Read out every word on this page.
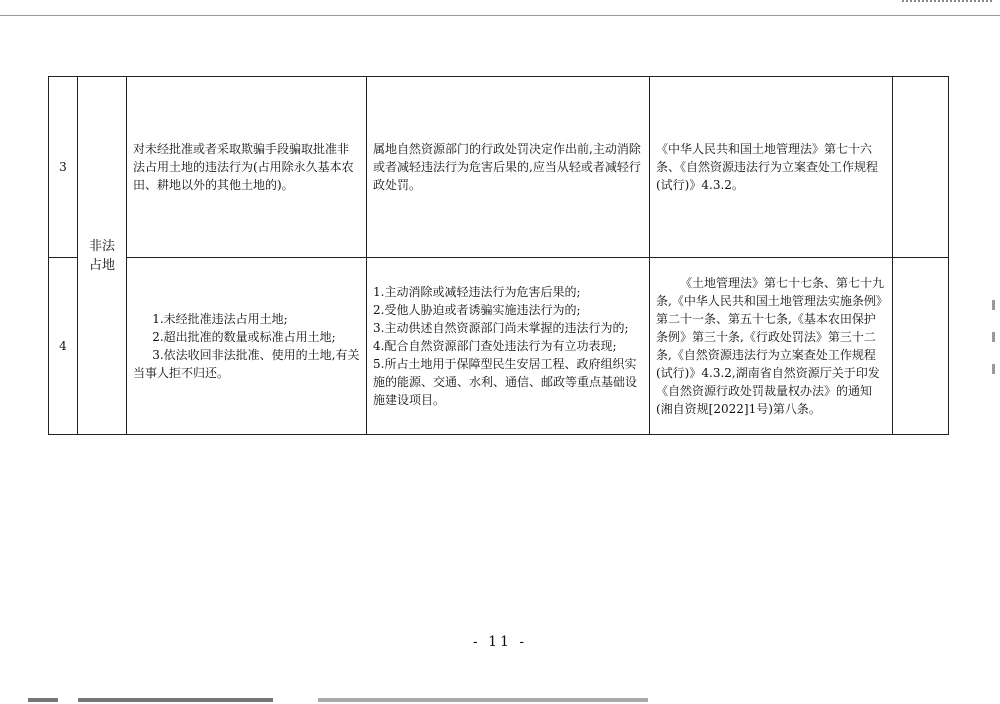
3	非法
占地	对未经批准或者采取欺骗手段骗取批准非法占用土地的违法行为(占用除永久基本农田、耕地以外的其他土地的)。	属地自然资源部门的行政处罚决定作出前,主动消除或者减轻违法行为危害后果的,应当从轻或者减轻行政处罚。	《中华人民共和国土地管理法》第七十六条、《自然资源违法行为立案查处工作规程(试行)》4.3.2。	
4		1.未经批准违法占用土地;
2.超出批准的数量或标准占用土地;
3.依法收回非法批准、使用的土地,有关当事人拒不归还。	1.主动消除或减轻违法行为危害后果的;
2.受他人胁迫或者诱骗实施违法行为的;
3.主动供述自然资源部门尚未掌握的违法行为的;
4.配合自然资源部门查处违法行为有立功表现;
5.所占土地用于保障型民生安居工程、政府组织实施的能源、交通、水利、通信、邮政等重点基础设施建设项目。	《土地管理法》第七十七条、第七十九条,《中华人民共和国土地管理法实施条例》第二十一条、第五十七条,《基本农田保护条例》第三十条,《行政处罚法》第三十二条,《自然资源违法行为立案查处工作规程(试行)》4.3.2,湖南省自然资源厅关于印发《自然资源行政处罚裁量权办法》的通知(湘自资规[2022]1号)第八条。	
- 11 -
